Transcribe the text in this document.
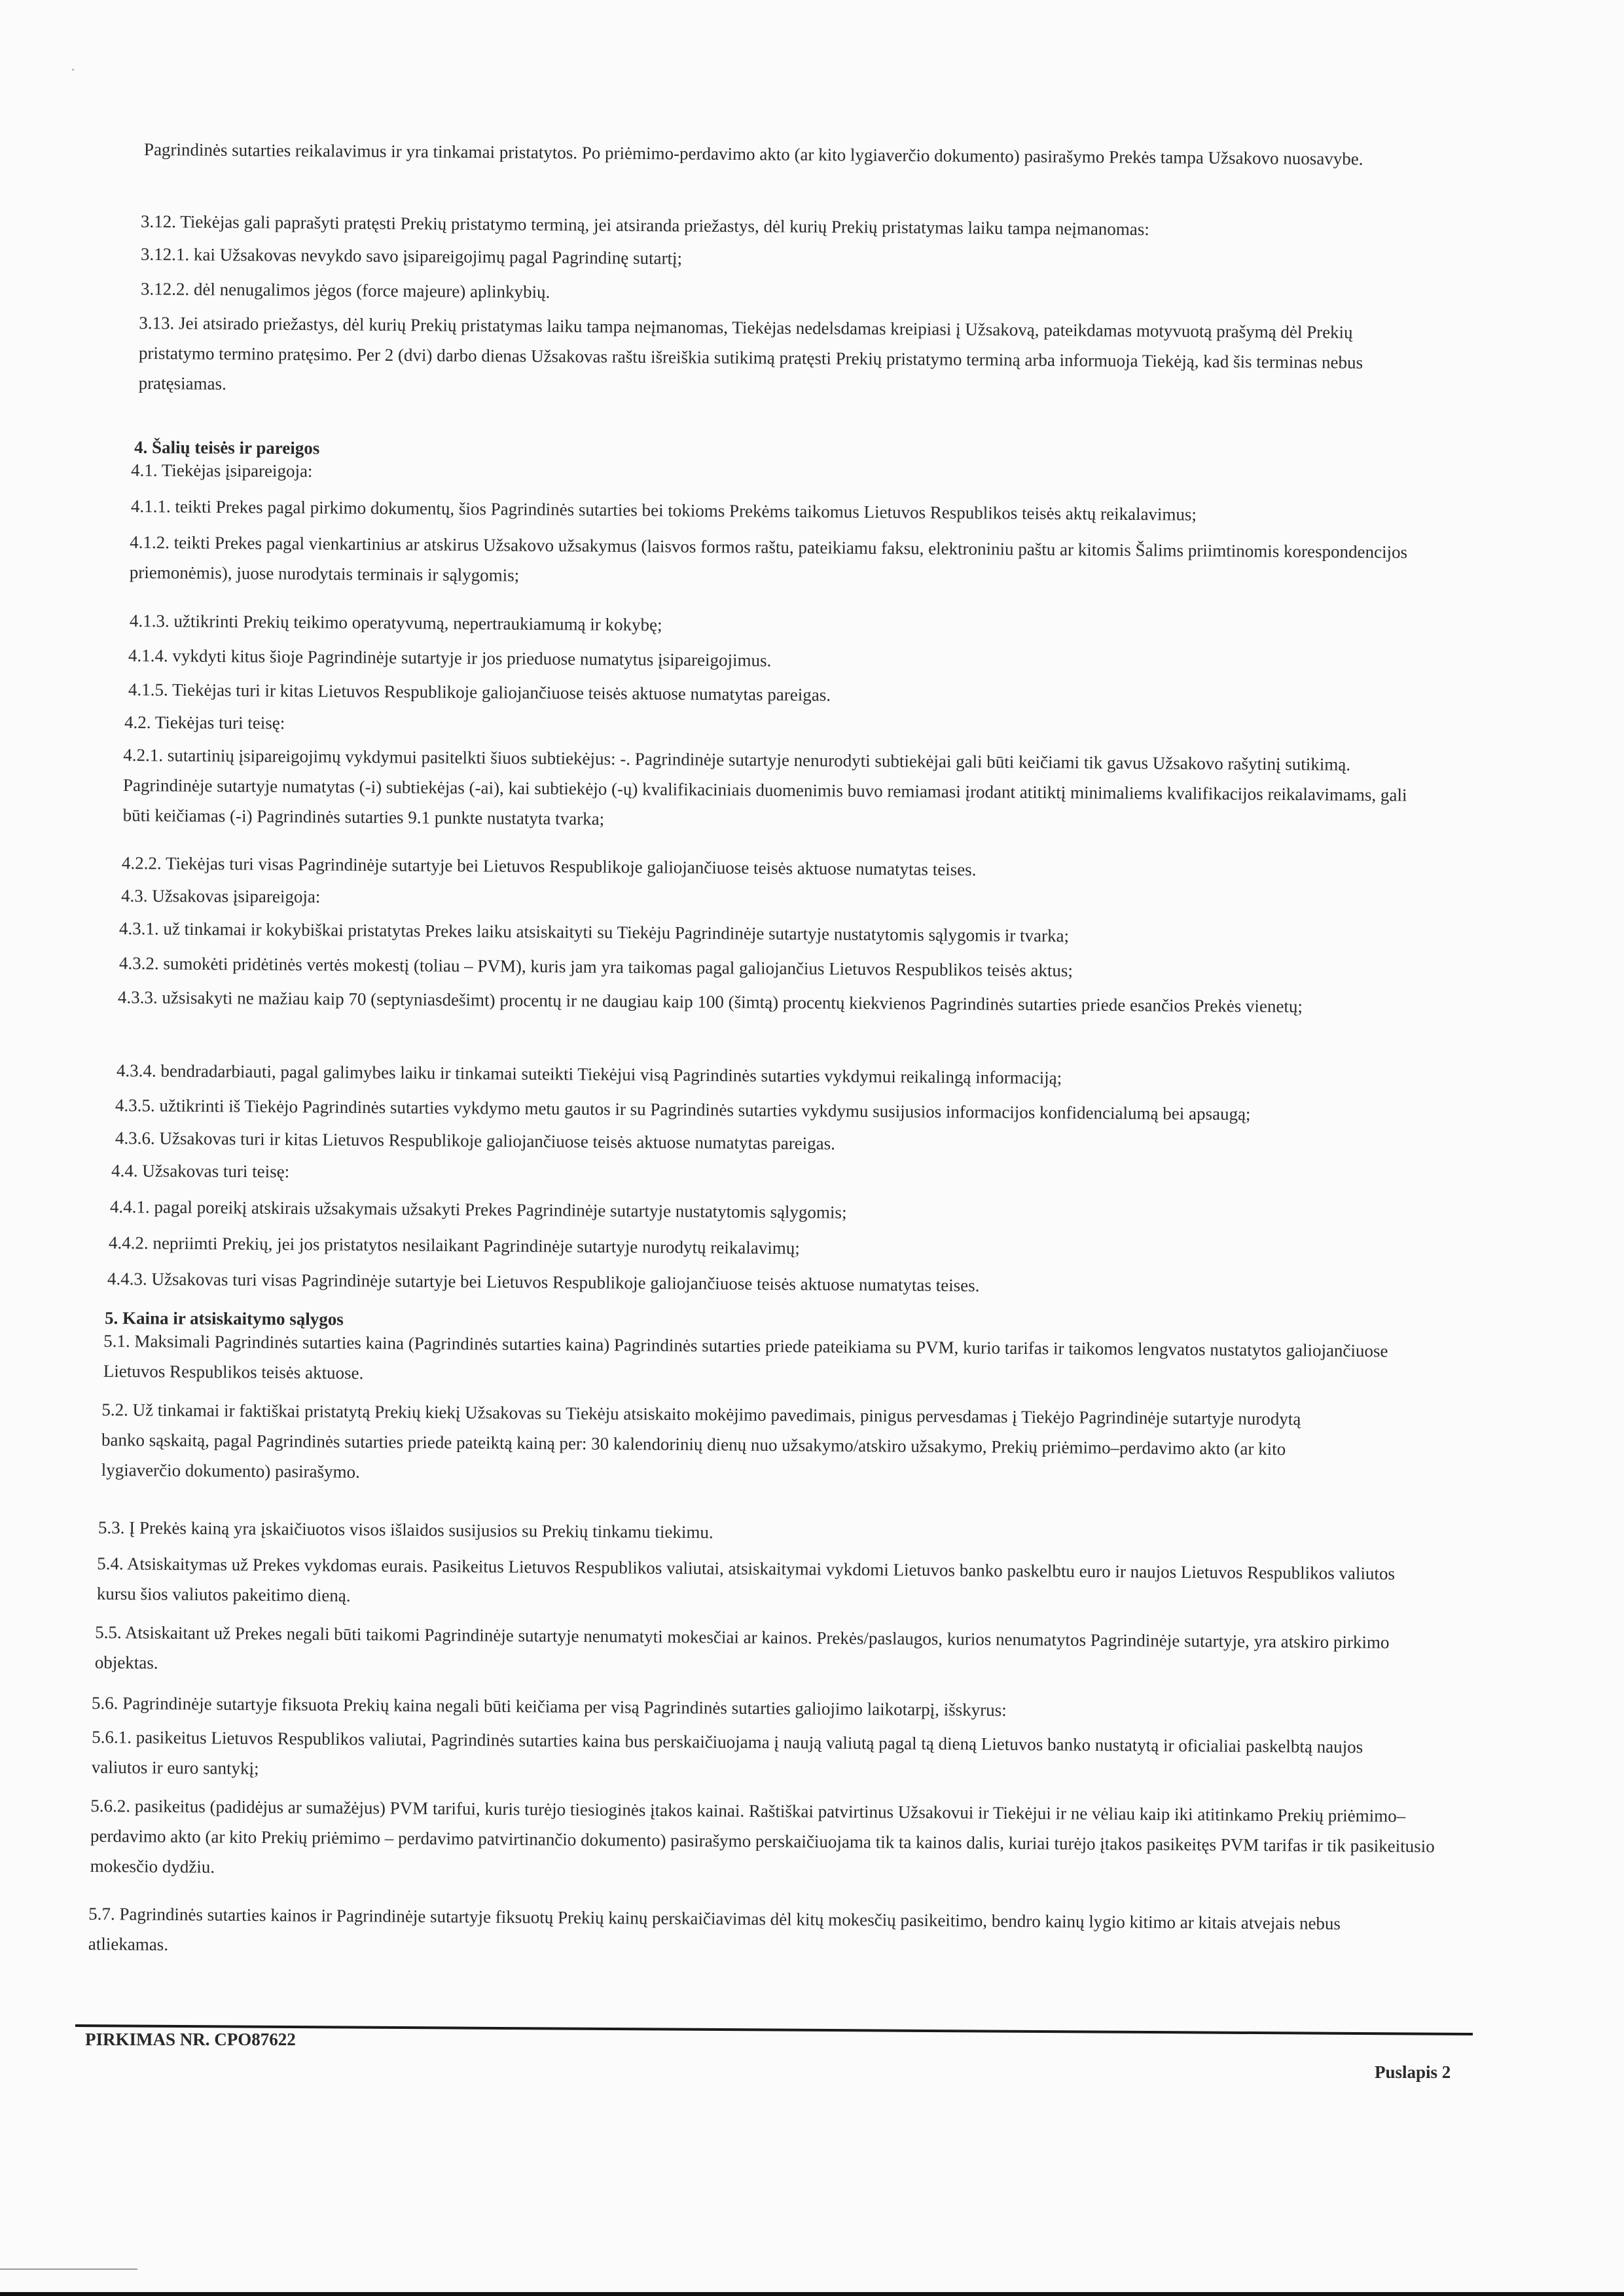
Pagrindinės sutarties reikalavimus ir yra tinkamai pristatytos. Po priėmimo-perdavimo akto (ar kito lygiaverčio dokumento) pasirašymo Prekės tampa Užsakovo nuosavybe.
3.12. Tiekėjas gali paprašyti pratęsti Prekių pristatymo terminą, jei atsiranda priežastys, dėl kurių Prekių pristatymas laiku tampa neįmanomas:
3.12.1. kai Užsakovas nevykdo savo įsipareigojimų pagal Pagrindinę sutartį;
3.12.2. dėl nenugalimos jėgos (force majeure) aplinkybių.
3.13. Jei atsirado priežastys, dėl kurių Prekių pristatymas laiku tampa neįmanomas, Tiekėjas nedelsdamas kreipiasi į Užsakovą, pateikdamas motyvuotą prašymą dėl Prekių pristatymo termino pratęsimo. Per 2 (dvi) darbo dienas Užsakovas raštu išreiškia sutikimą pratęsti Prekių pristatymo terminą arba informuoja Tiekėją, kad šis terminas nebus pratęsiamas.
4. Šalių teisės ir pareigos
4.1. Tiekėjas įsipareigoja:
4.1.1. teikti Prekes pagal pirkimo dokumentų, šios Pagrindinės sutarties bei tokioms Prekėms taikomus Lietuvos Respublikos teisės aktų reikalavimus;
4.1.2. teikti Prekes pagal vienkartinius ar atskirus Užsakovo užsakymus (laisvos formos raštu, pateikiamu faksu, elektroniniu paštu ar kitomis Šalims priimtinomis korespondencijos priemonėmis), juose nurodytais terminais ir sąlygomis;
4.1.3. užtikrinti Prekių teikimo operatyvumą, nepertraukiamumą ir kokybę;
4.1.4. vykdyti kitus šioje Pagrindinėje sutartyje ir jos prieduose numatytus įsipareigojimus.
4.1.5. Tiekėjas turi ir kitas Lietuvos Respublikoje galiojančiuose teisės aktuose numatytas pareigas.
4.2. Tiekėjas turi teisę:
4.2.1. sutartinių įsipareigojimų vykdymui pasitelkti šiuos subtiekėjus: -. Pagrindinėje sutartyje nenurodyti subtiekėjai gali būti keičiami tik gavus Užsakovo rašytinį sutikimą. Pagrindinėje sutartyje numatytas (-i) subtiekėjas (-ai), kai subtiekėjo (-ų) kvalifikaciniais duomenimis buvo remiamasi įrodant atitiktį minimaliems kvalifikacijos reikalavimams, gali būti keičiamas (-i) Pagrindinės sutarties 9.1 punkte nustatyta tvarka;
4.2.2. Tiekėjas turi visas Pagrindinėje sutartyje bei Lietuvos Respublikoje galiojančiuose teisės aktuose numatytas teises.
4.3. Užsakovas įsipareigoja:
4.3.1. už tinkamai ir kokybiškai pristatytas Prekes laiku atsiskaityti su Tiekėju Pagrindinėje sutartyje nustatytomis sąlygomis ir tvarka;
4.3.2. sumokėti pridėtinės vertės mokestį (toliau – PVM), kuris jam yra taikomas pagal galiojančius Lietuvos Respublikos teisės aktus;
4.3.3. užsisakyti ne mažiau kaip 70 (septyniasdešimt) procentų ir ne daugiau kaip 100 (šimtą) procentų kiekvienos Pagrindinės sutarties priede esančios Prekės vienetų;
4.3.4. bendradarbiauti, pagal galimybes laiku ir tinkamai suteikti Tiekėjui visą Pagrindinės sutarties vykdymui reikalingą informaciją;
4.3.5. užtikrinti iš Tiekėjo Pagrindinės sutarties vykdymo metu gautos ir su Pagrindinės sutarties vykdymu susijusios informacijos konfidencialumą bei apsaugą;
4.3.6. Užsakovas turi ir kitas Lietuvos Respublikoje galiojančiuose teisės aktuose numatytas pareigas.
4.4. Užsakovas turi teisę:
4.4.1. pagal poreikį atskirais užsakymais užsakyti Prekes Pagrindinėje sutartyje nustatytomis sąlygomis;
4.4.2. nepriimti Prekių, jei jos pristatytos nesilaikant Pagrindinėje sutartyje nurodytų reikalavimų;
4.4.3. Užsakovas turi visas Pagrindinėje sutartyje bei Lietuvos Respublikoje galiojančiuose teisės aktuose numatytas teises.
5. Kaina ir atsiskaitymo sąlygos
5.1. Maksimali Pagrindinės sutarties kaina (Pagrindinės sutarties kaina) Pagrindinės sutarties priede pateikiama su PVM, kurio tarifas ir taikomos lengvatos nustatytos galiojančiuose Lietuvos Respublikos teisės aktuose.
5.2. Už tinkamai ir faktiškai pristatytą Prekių kiekį Užsakovas su Tiekėju atsiskaito mokėjimo pavedimais, pinigus pervesdamas į Tiekėjo Pagrindinėje sutartyje nurodytą banko sąskaitą, pagal Pagrindinės sutarties priede pateiktą kainą per: 30 kalendorinių dienų nuo užsakymo/atskiro užsakymo, Prekių priėmimo–perdavimo akto (ar kito lygiaverčio dokumento) pasirašymo.
5.3. Į Prekės kainą yra įskaičiuotos visos išlaidos susijusios su Prekių tinkamu tiekimu.
5.4. Atsiskaitymas už Prekes vykdomas eurais. Pasikeitus Lietuvos Respublikos valiutai, atsiskaitymai vykdomi Lietuvos banko paskelbtu euro ir naujos Lietuvos Respublikos valiutos kursu šios valiutos pakeitimo dieną.
5.5. Atsiskaitant už Prekes negali būti taikomi Pagrindinėje sutartyje nenumatyti mokesčiai ar kainos. Prekės/paslaugos, kurios nenumatytos Pagrindinėje sutartyje, yra atskiro pirkimo objektas.
5.6. Pagrindinėje sutartyje fiksuota Prekių kaina negali būti keičiama per visą Pagrindinės sutarties galiojimo laikotarpį, išskyrus:
5.6.1. pasikeitus Lietuvos Respublikos valiutai, Pagrindinės sutarties kaina bus perskaičiuojama į naują valiutą pagal tą dieną Lietuvos banko nustatytą ir oficialiai paskelbtą naujos valiutos ir euro santykį;
5.6.2. pasikeitus (padidėjus ar sumažėjus) PVM tarifui, kuris turėjo tiesioginės įtakos kainai. Raštiškai patvirtinus Užsakovui ir Tiekėjui ir ne vėliau kaip iki atitinkamo Prekių priėmimo–perdavimo akto (ar kito Prekių priėmimo – perdavimo patvirtinančio dokumento) pasirašymo perskaičiuojama tik ta kainos dalis, kuriai turėjo įtakos pasikeitęs PVM tarifas ir tik pasikeitusio mokesčio dydžiu.
5.7. Pagrindinės sutarties kainos ir Pagrindinėje sutartyje fiksuotų Prekių kainų perskaičiavimas dėl kitų mokesčių pasikeitimo, bendro kainų lygio kitimo ar kitais atvejais nebus atliekamas.
PIRKIMAS NR. CPO87622
Puslapis 2
